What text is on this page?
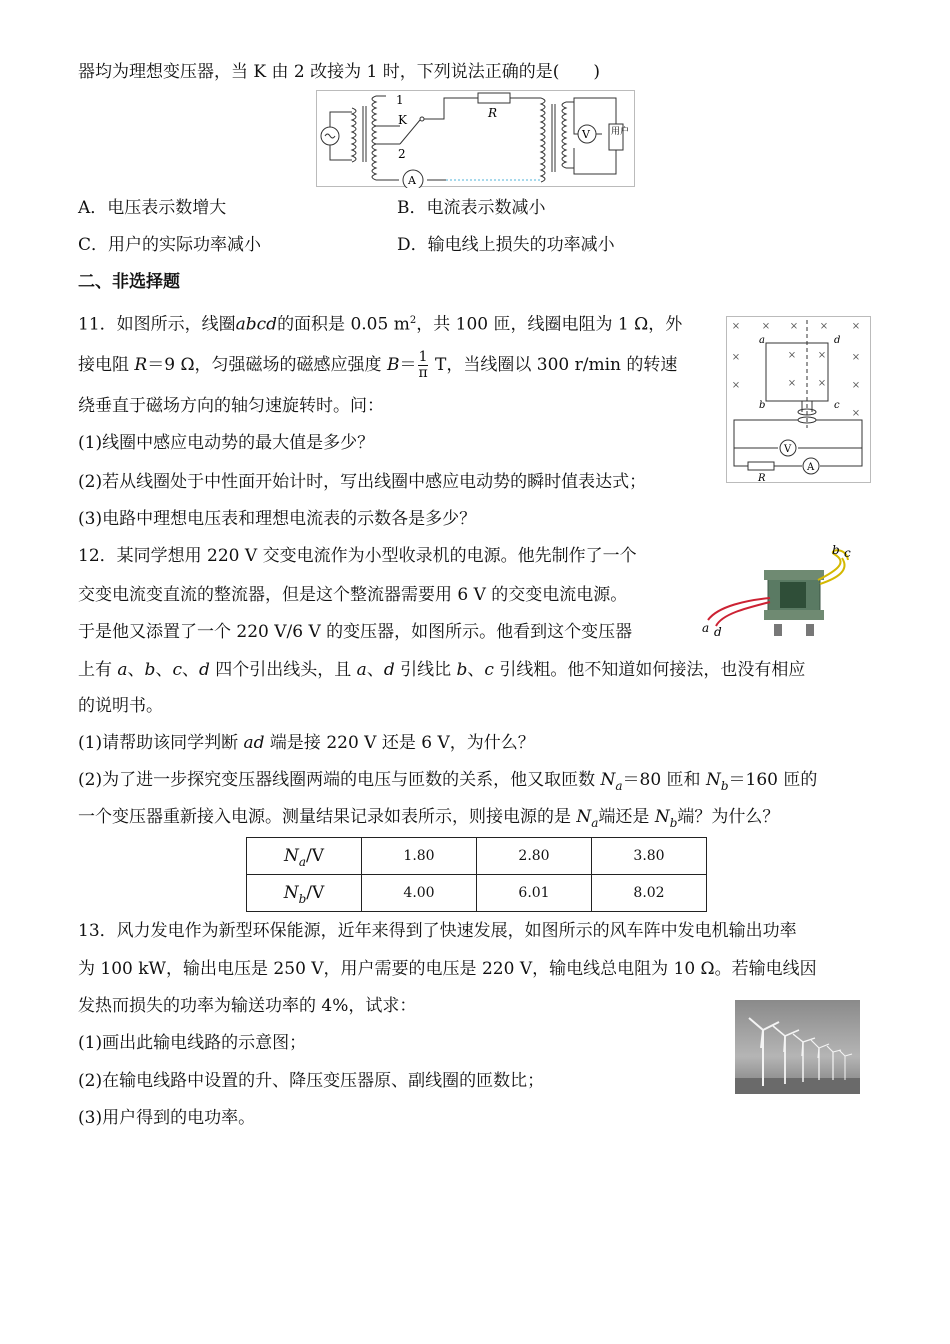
器均为理想变压器，当 K 由 2 改接为 1 时，下列说法正确的是(　　)
1
K
2
R
A
V 用户
A．电压表示数增大	B．电流表示数减小
C．用户的实际功率减小	D．输电线上损失的功率减小
二、非选择题
11．如图所示，线圈abcd的面积是 0.05 $m^2$，共 100 匝，线圈电阻为 1 Ω，外
接电阻 R＝9 Ω，匀强磁场的磁感应强度 $B= \frac{1}{\pi}$ T，当线圈以 300 r/min 的转速
绕垂直于磁场方向的轴匀速旋转时。问：
(1)线圈中感应电动势的最大值是多少？
(2)若从线圈处于中性面开始计时，写出线圈中感应电动势的瞬时值表达式；
(3)电路中理想电压表和理想电流表的示数各是多少？
× × × × ×
×	×
×
× ×
× ×	×
×
a	d
b	c
V
A
R
12．某同学想用 220 V 交变电流作为小型收录机的电源。他先制作了一个
交变电流变直流的整流器，但是这个整流器需要用 6 V 的交变电流电源。
于是他又添置了一个 220 V/6 V 的变压器，如图所示。他看到这个变压器
上有 a、b、c、d 四个引出线头，且 a、d 引线比 b、c 引线粗。他不知道如何接法，也没有相应
的说明书。
(1)请帮助该同学判断 ad 端是接 220 V 还是 6 V，为什么？
(2)为了进一步探究变压器线圈两端的电压与匝数的关系，他又取匝数 $N_a=80$ 匝和 $N_b=160$ 匝的
一个变压器重新接入电源。测量结果记录如表所示，则接电源的是 $N_a$端还是 $N_b$端？为什么？
b c
a d
$N_a/V$	1.80	2.80	3.80
$N_b/V$	4.00	6.01	8.02
13．风力发电作为新型环保能源，近年来得到了快速发展，如图所示的风车阵中发电机输出功率
为 100 kW，输出电压是 250 V，用户需要的电压是 220 V，输电线总电阻为 10 Ω。若输电线因
发热而损失的功率为输送功率的 4%，试求：
(1)画出此输电线路的示意图；
(2)在输电线路中设置的升、降压变压器原、副线圈的匝数比；
(3)用户得到的电功率。
